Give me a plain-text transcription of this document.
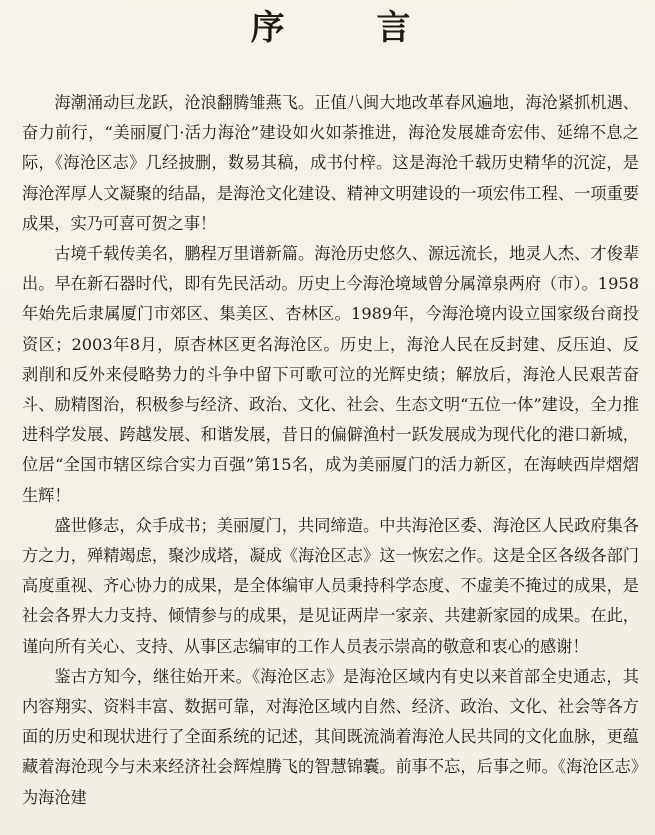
序 言

海潮涌动巨龙跃，沧浪翻腾雏燕飞。正值八闽大地改革春风遍地，海沧紧抓机遇、奋力前行，“美丽厦门·活力海沧”建设如火如荼推进，海沧发展雄奇宏伟、延绵不息之际，《海沧区志》几经披删，数易其稿，成书付梓。这是海沧千载历史精华的沉淀，是海沧浑厚人文凝聚的结晶，是海沧文化建设、精神文明建设的一项宏伟工程、一项重要成果，实乃可喜可贺之事！

古境千载传美名，鹏程万里谱新篇。海沧历史悠久、源远流长，地灵人杰、才俊辈出。早在新石器时代，即有先民活动。历史上今海沧境域曾分属漳泉两府（市）。1958年始先后隶属厦门市郊区、集美区、杏林区。1989年，今海沧境内设立国家级台商投资区；2003年8月，原杏林区更名海沧区。历史上，海沧人民在反封建、反压迫、反剥削和反外来侵略势力的斗争中留下可歌可泣的光辉史绩；解放后，海沧人民艰苦奋斗、励精图治，积极参与经济、政治、文化、社会、生态文明“五位一体”建设，全力推进科学发展、跨越发展、和谐发展，昔日的偏僻渔村一跃发展成为现代化的港口新城，位居“全国市辖区综合实力百强”第15名，成为美丽厦门的活力新区，在海峡西岸熠熠生辉！

盛世修志，众手成书；美丽厦门，共同缔造。中共海沧区委、海沧区人民政府集各方之力，殚精竭虑，聚沙成塔，凝成《海沧区志》这一恢宏之作。这是全区各级各部门高度重视、齐心协力的成果，是全体编审人员秉持科学态度、不虚美不掩过的成果，是社会各界大力支持、倾情参与的成果，是见证两岸一家亲、共建新家园的成果。在此，谨向所有关心、支持、从事区志编审的工作人员表示崇高的敬意和衷心的感谢！

鉴古方知今，继往始开来。《海沧区志》是海沧区域内有史以来首部全史通志，其内容翔实、资料丰富、数据可靠，对海沧区域内自然、经济、政治、文化、社会等各方面的历史和现状进行了全面系统的记述，其间既流淌着海沧人民共同的文化血脉，更蕴藏着海沧现今与未来经济社会辉煌腾飞的智慧锦囊。前事不忘，后事之师。《海沧区志》为海沧建
